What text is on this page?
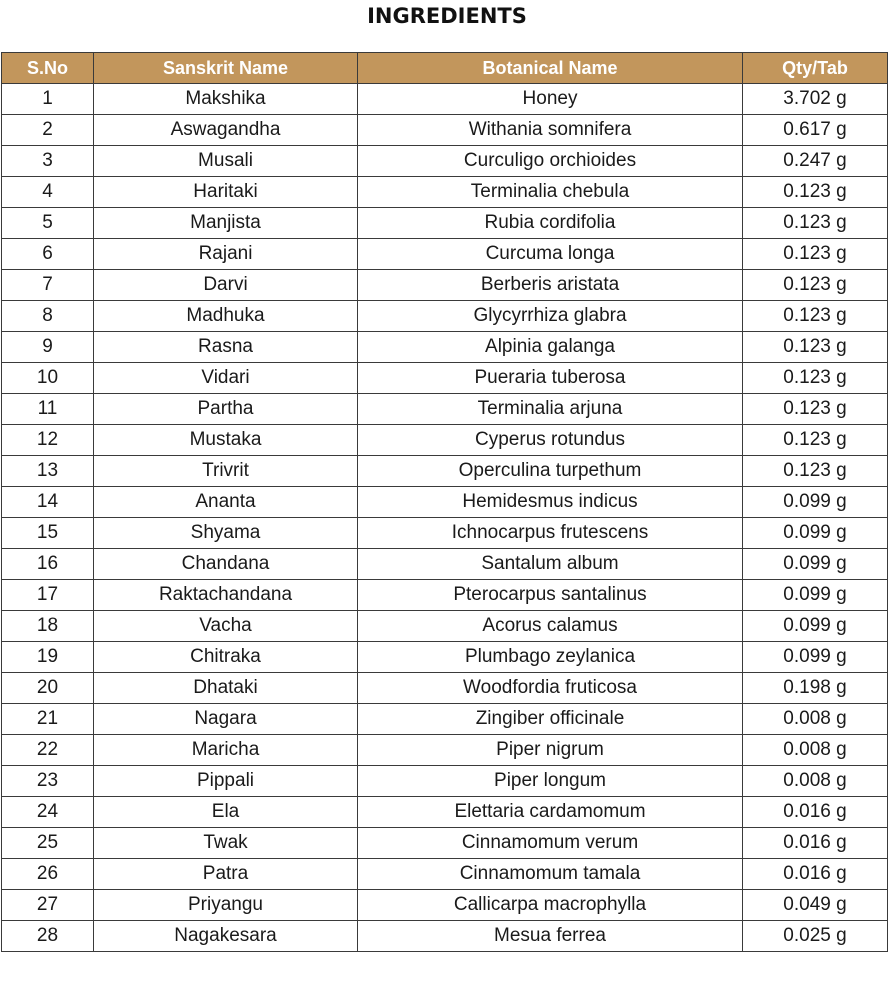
INGREDIENTS
S.No	Sanskrit Name	Botanical Name	Qty/Tab
1	Makshika	Honey	3.702 g
2	Aswagandha	Withania somnifera	0.617 g
3	Musali	Curculigo orchioides	0.247 g
4	Haritaki	Terminalia chebula	0.123 g
5	Manjista	Rubia cordifolia	0.123 g
6	Rajani	Curcuma longa	0.123 g
7	Darvi	Berberis aristata	0.123 g
8	Madhuka	Glycyrrhiza glabra	0.123 g
9	Rasna	Alpinia galanga	0.123 g
10	Vidari	Pueraria tuberosa	0.123 g
11	Partha	Terminalia arjuna	0.123 g
12	Mustaka	Cyperus rotundus	0.123 g
13	Trivrit	Operculina turpethum	0.123 g
14	Ananta	Hemidesmus indicus	0.099 g
15	Shyama	Ichnocarpus frutescens	0.099 g
16	Chandana	Santalum album	0.099 g
17	Raktachandana	Pterocarpus santalinus	0.099 g
18	Vacha	Acorus calamus	0.099 g
19	Chitraka	Plumbago zeylanica	0.099 g
20	Dhataki	Woodfordia fruticosa	0.198 g
21	Nagara	Zingiber officinale	0.008 g
22	Maricha	Piper nigrum	0.008 g
23	Pippali	Piper longum	0.008 g
24	Ela	Elettaria cardamomum	0.016 g
25	Twak	Cinnamomum verum	0.016 g
26	Patra	Cinnamomum tamala	0.016 g
27	Priyangu	Callicarpa macrophylla	0.049 g
28	Nagakesara	Mesua ferrea	0.025 g
